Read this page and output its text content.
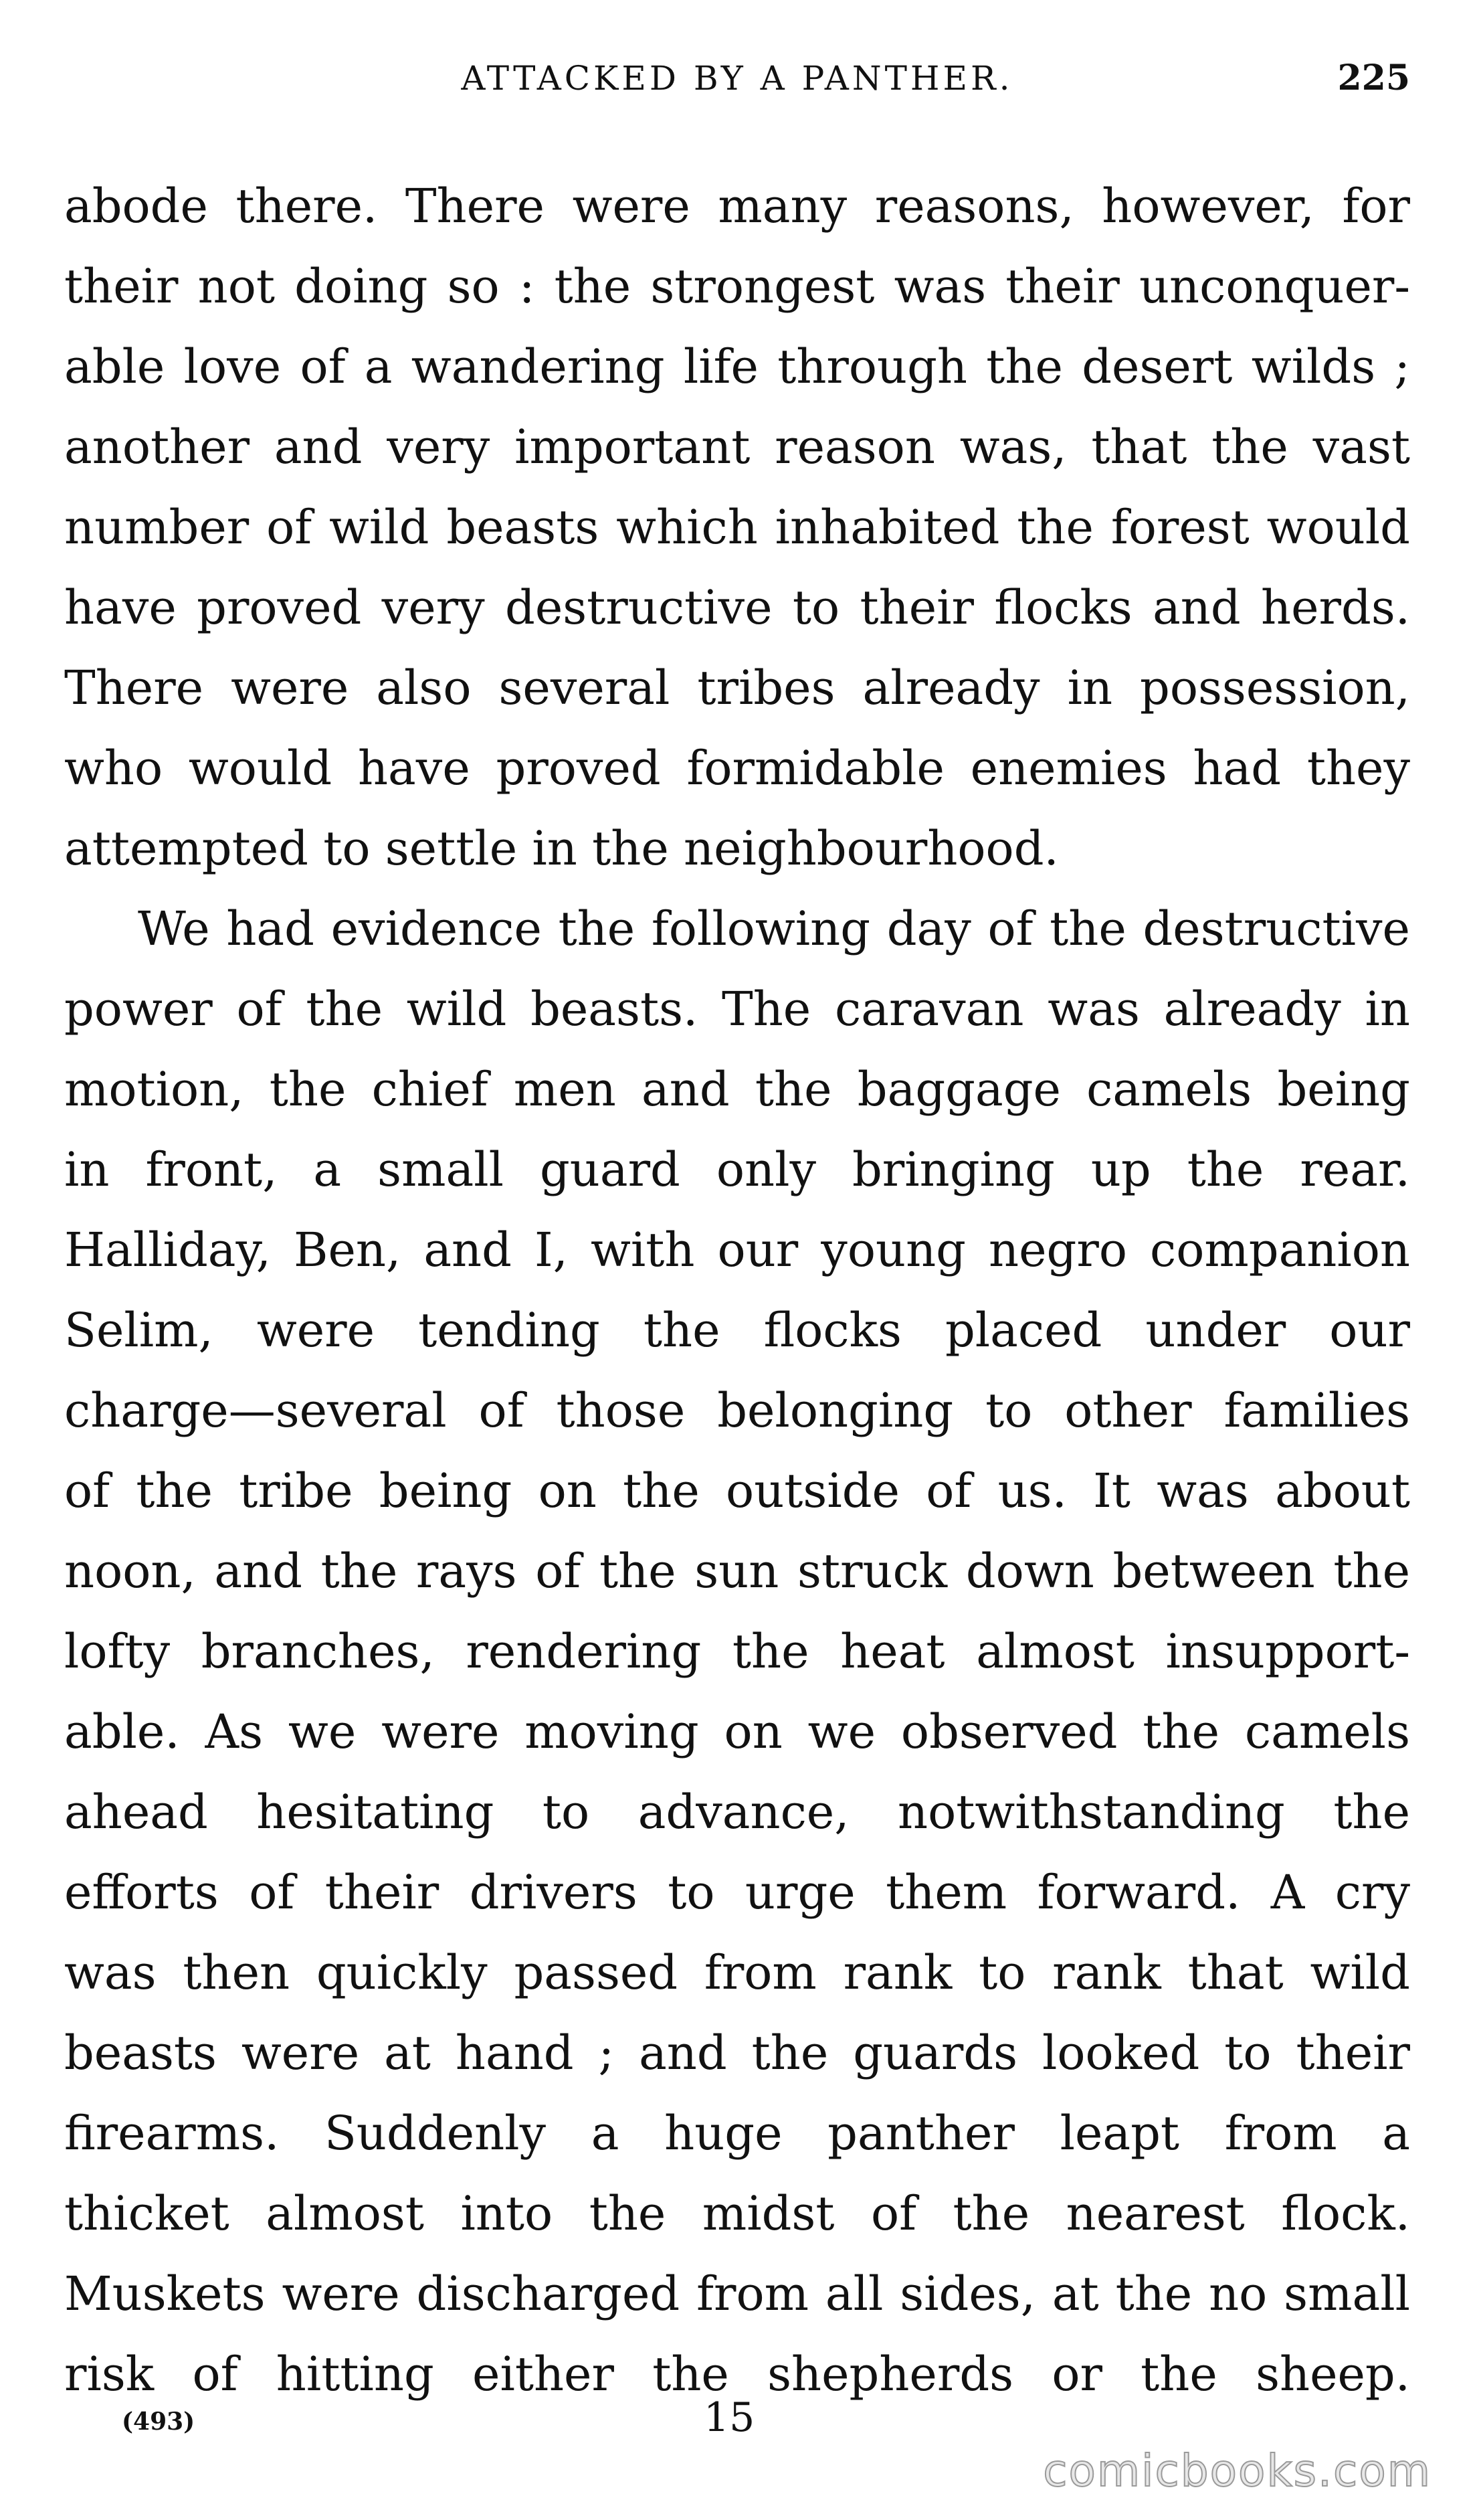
ATTACKED BY A PANTHER.	225
abode there. There were many reasons, however, for
their not doing so : the strongest was their unconquer-
able love of a wandering life through the desert wilds ;
another and very important reason was, that the vast
number of wild beasts which inhabited the forest would
have proved very destructive to their flocks and herds.
There were also several tribes already in possession,
who would have proved formidable enemies had they
attempted to settle in the neighbourhood.
We had evidence the following day of the destructive
power of the wild beasts. The caravan was already in
motion, the chief men and the baggage camels being
in front, a small guard only bringing up the rear.
Halliday, Ben, and I, with our young negro companion
Selim, were tending the flocks placed under our
charge—several of those belonging to other families
of the tribe being on the outside of us. It was about
noon, and the rays of the sun struck down between the
lofty branches, rendering the heat almost insupport-
able. As we were moving on we observed the camels
ahead hesitating to advance, notwithstanding the
efforts of their drivers to urge them forward. A cry
was then quickly passed from rank to rank that wild
beasts were at hand ; and the guards looked to their
firearms. Suddenly a huge panther leapt from a
thicket almost into the midst of the nearest flock.
Muskets were discharged from all sides, at the no small
risk of hitting either the shepherds or the sheep.
(493)	15
comicbooks.com
